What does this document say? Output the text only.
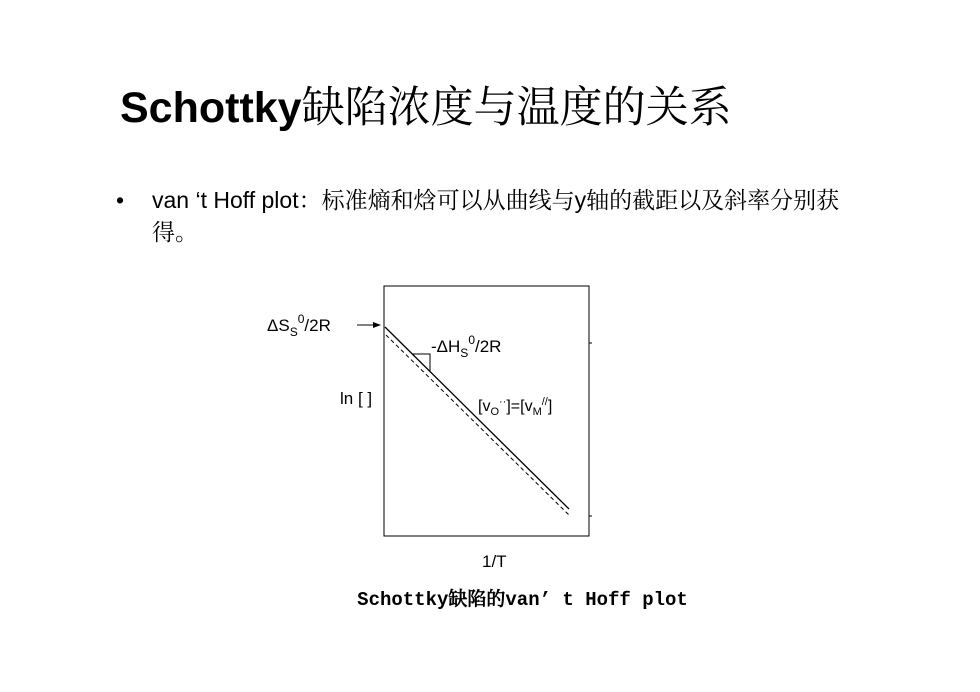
Schottky缺陷浓度与温度的关系
• van ‘t Hoff plot：标准熵和焓可以从曲线与y轴的截距以及斜率分别获得。
$\Delta S_S^0/2R$
$-\Delta H_S^0/2R$
$[v_O^{\cdot\cdot}]=[v_M^{//}]$
ln [ ]
1/T
Schottky缺陷的van’ t Hoff plot
